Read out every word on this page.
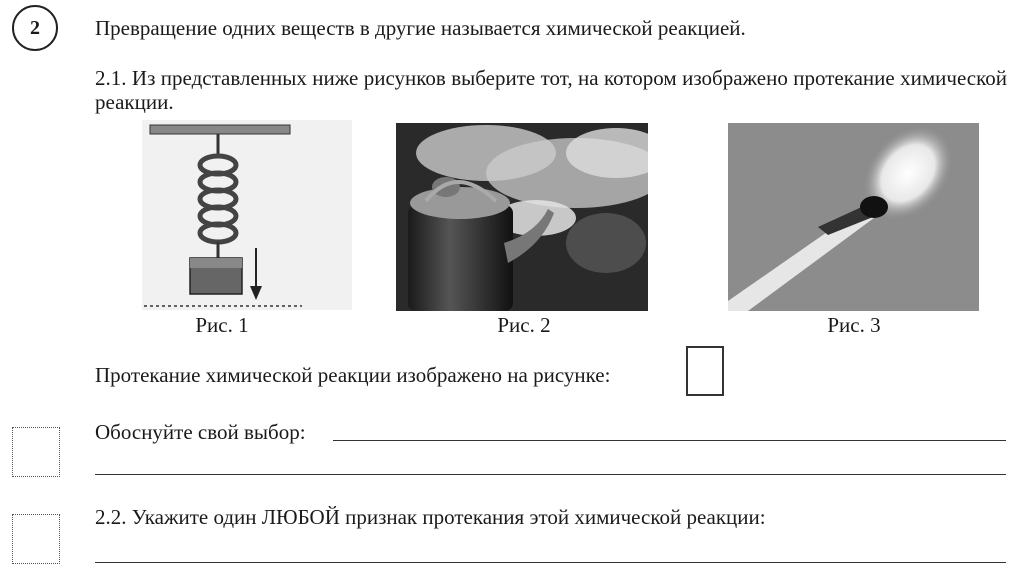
2	Превращение одних веществ в другие называется химической реакцией.
2.1. Из представленных ниже рисунков выберите тот, на котором изображено протекание химической реакции.
Рис. 1	Рис. 2	Рис. 3
Протекание химической реакции изображено на рисунке:
Обоснуйте свой выбор:
2.2. Укажите один ЛЮБОЙ признак протекания этой химической реакции:
